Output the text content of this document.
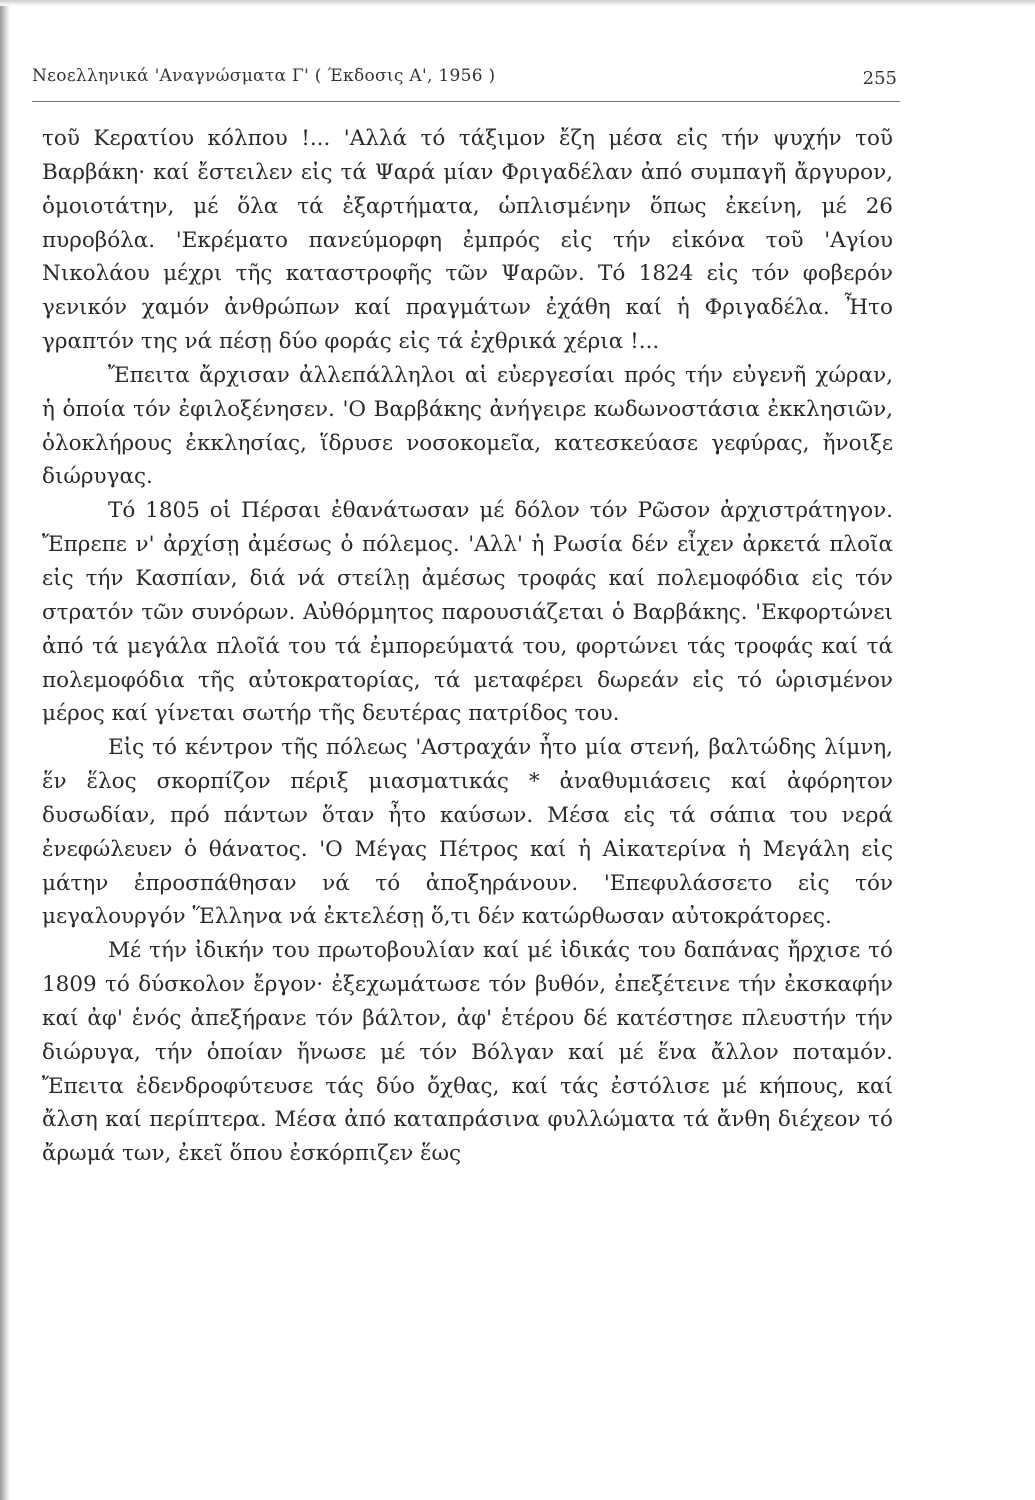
Νεοελληνικά 'Αναγνώσματα Γ' ( Έκδοσις Α', 1956 )	255

τοῦ Κερατίου κόλπου !... 'Αλλά τό τάξιμον ἔζη μέσα εἰς τήν ψυχήν τοῦ Βαρβάκη· καί ἔστειλεν εἰς τά Ψαρά μίαν Φριγαδέλαν ἀπό συμπαγῆ ἄργυρον, ὁμοιοτάτην, μέ ὅλα τά ἐξαρτήματα, ὡπλισμένην ὅπως ἐκείνη, μέ 26 πυροβόλα. 'Εκρέματο πανεύμορφη ἐμπρός εἰς τήν εἰκόνα τοῦ 'Αγίου Νικολάου μέχρι τῆς καταστροφῆς τῶν Ψαρῶν. Τό 1824 εἰς τόν φοβερόν γενικόν χαμόν ἀνθρώπων καί πραγμάτων ἐχάθη καί ἡ Φριγαδέλα. Ἦτο γραπτόν της νά πέσῃ δύο φοράς εἰς τά ἐχθρικά χέρια !...

Ἔπειτα ἄρχισαν ἀλλεπάλληλοι αἱ εὐεργεσίαι πρός τήν εὐγενῆ χώραν, ἡ ὁποία τόν ἐφιλοξένησεν. 'Ο Βαρβάκης ἀνήγειρε κωδωνοστάσια ἐκκλησιῶν, ὁλοκλήρους ἐκκλησίας, ἵδρυσε νοσοκομεῖα, κατεσκεύασε γεφύρας, ἤνοιξε διώρυγας.

Τό 1805 οἱ Πέρσαι ἐθανάτωσαν μέ δόλον τόν Ρῶσον ἀρχιστράτηγον. Ἔπρεπε ν' ἀρχίσῃ ἀμέσως ὁ πόλεμος. 'Αλλ' ἡ Ρωσία δέν εἶχεν ἀρκετά πλοῖα εἰς τήν Κασπίαν, διά νά στείλῃ ἀμέσως τροφάς καί πολεμοφόδια εἰς τόν στρατόν τῶν συνόρων. Αὐθόρμητος παρουσιάζεται ὁ Βαρβάκης. 'Εκφορτώνει ἀπό τά μεγάλα πλοῖά του τά ἐμπορεύματά του, φορτώνει τάς τροφάς καί τά πολεμοφόδια τῆς αὐτοκρατορίας, τά μεταφέρει δωρεάν εἰς τό ὡρισμένον μέρος καί γίνεται σωτήρ τῆς δευτέρας πατρίδος του.

Εἰς τό κέντρον τῆς πόλεως 'Αστραχάν ἦτο μία στενή, βαλτώδης λίμνη, ἕν ἕλος σκορπίζον πέριξ μιασματικάς * ἀναθυμιάσεις καί ἀφόρητον δυσωδίαν, πρό πάντων ὅταν ἦτο καύσων. Μέσα εἰς τά σάπια του νερά ἐνεφώλευεν ὁ θάνατος. 'Ο Μέγας Πέτρος καί ἡ Αἰκατερίνα ἡ Μεγάλη εἰς μάτην ἐπροσπάθησαν νά τό ἀποξηράνουν. 'Επεφυλάσσετο εἰς τόν μεγαλουργόν Ἕλληνα νά ἐκτελέσῃ ὅ,τι δέν κατώρθωσαν αὐτοκράτορες.

Μέ τήν ἰδικήν του πρωτοβουλίαν καί μέ ἰδικάς του δαπάνας ἤρχισε τό 1809 τό δύσκολον ἔργον· ἐξεχωμάτωσε τόν βυθόν, ἐπεξέτεινε τήν ἐκσκαφήν καί ἀφ' ἑνός ἀπεξήρανε τόν βάλτον, ἀφ' ἑτέρου δέ κατέστησε πλευστήν τήν διώρυγα, τήν ὁποίαν ἥνωσε μέ τόν Βόλγαν καί μέ ἕνα ἄλλον ποταμόν. Ἔπειτα ἐδενδροφύτευσε τάς δύο ὄχθας, καί τάς ἐστόλισε μέ κήπους, καί ἄλση καί περίπτερα. Μέσα ἀπό καταπράσινα φυλλώματα τά ἄνθη διέχεον τό ἄρωμά των, ἐκεῖ ὅπου ἐσκόρπιζεν ἕως
